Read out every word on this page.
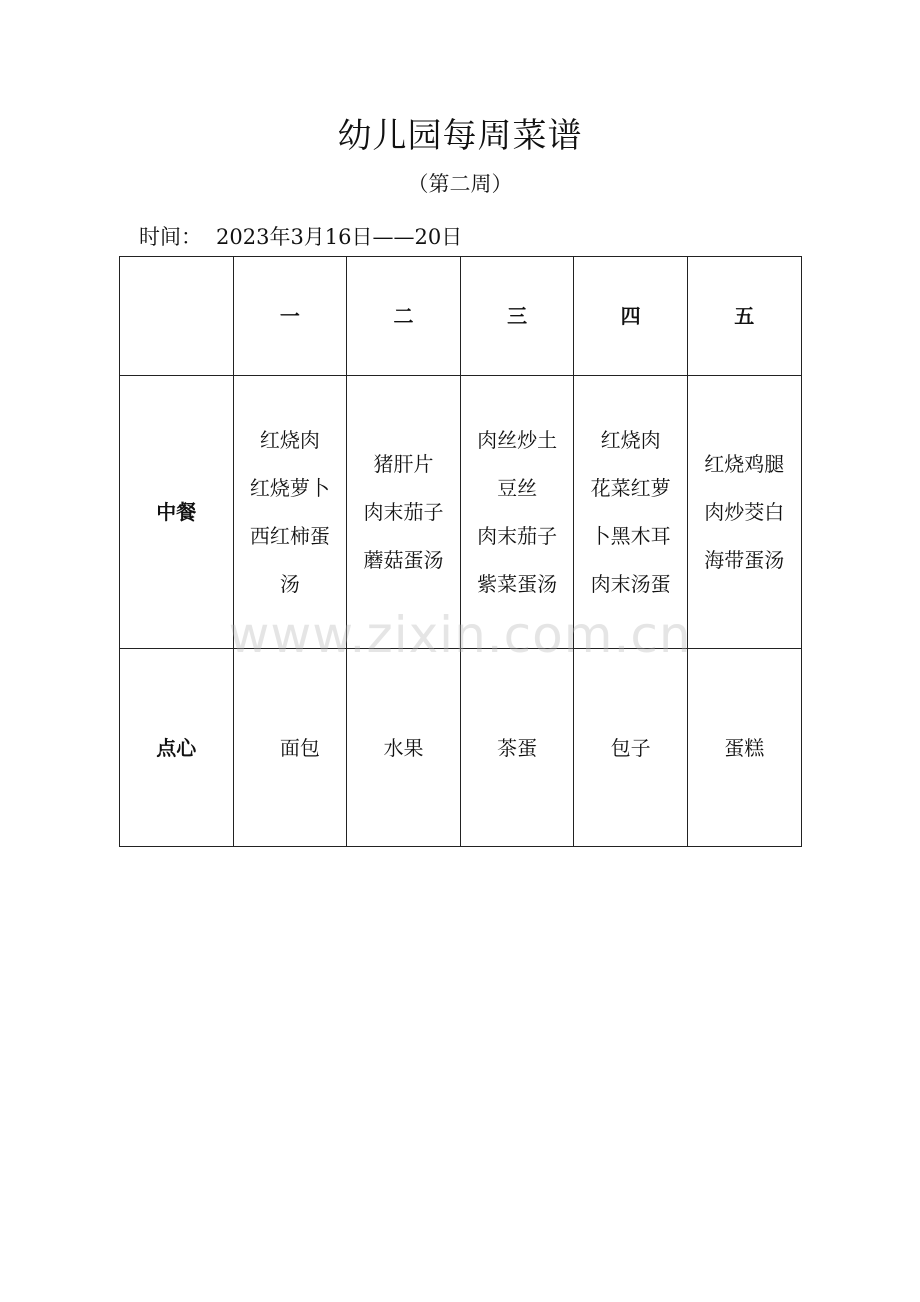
幼儿园每周菜谱
（第二周）
时间： 2023年3月16日——20日
	一	二	三	四	五
中餐	红烧肉
红烧萝卜
西红柿蛋汤	猪肝片
肉末茄子
蘑菇蛋汤	肉丝炒土豆丝
肉末茄子
紫菜蛋汤	红烧肉
花菜红萝卜黑木耳
肉末汤蛋	红烧鸡腿
肉炒茭白
海带蛋汤

点心	面包	水果	茶蛋	包子	蛋糕
www.zixin.com.cn
